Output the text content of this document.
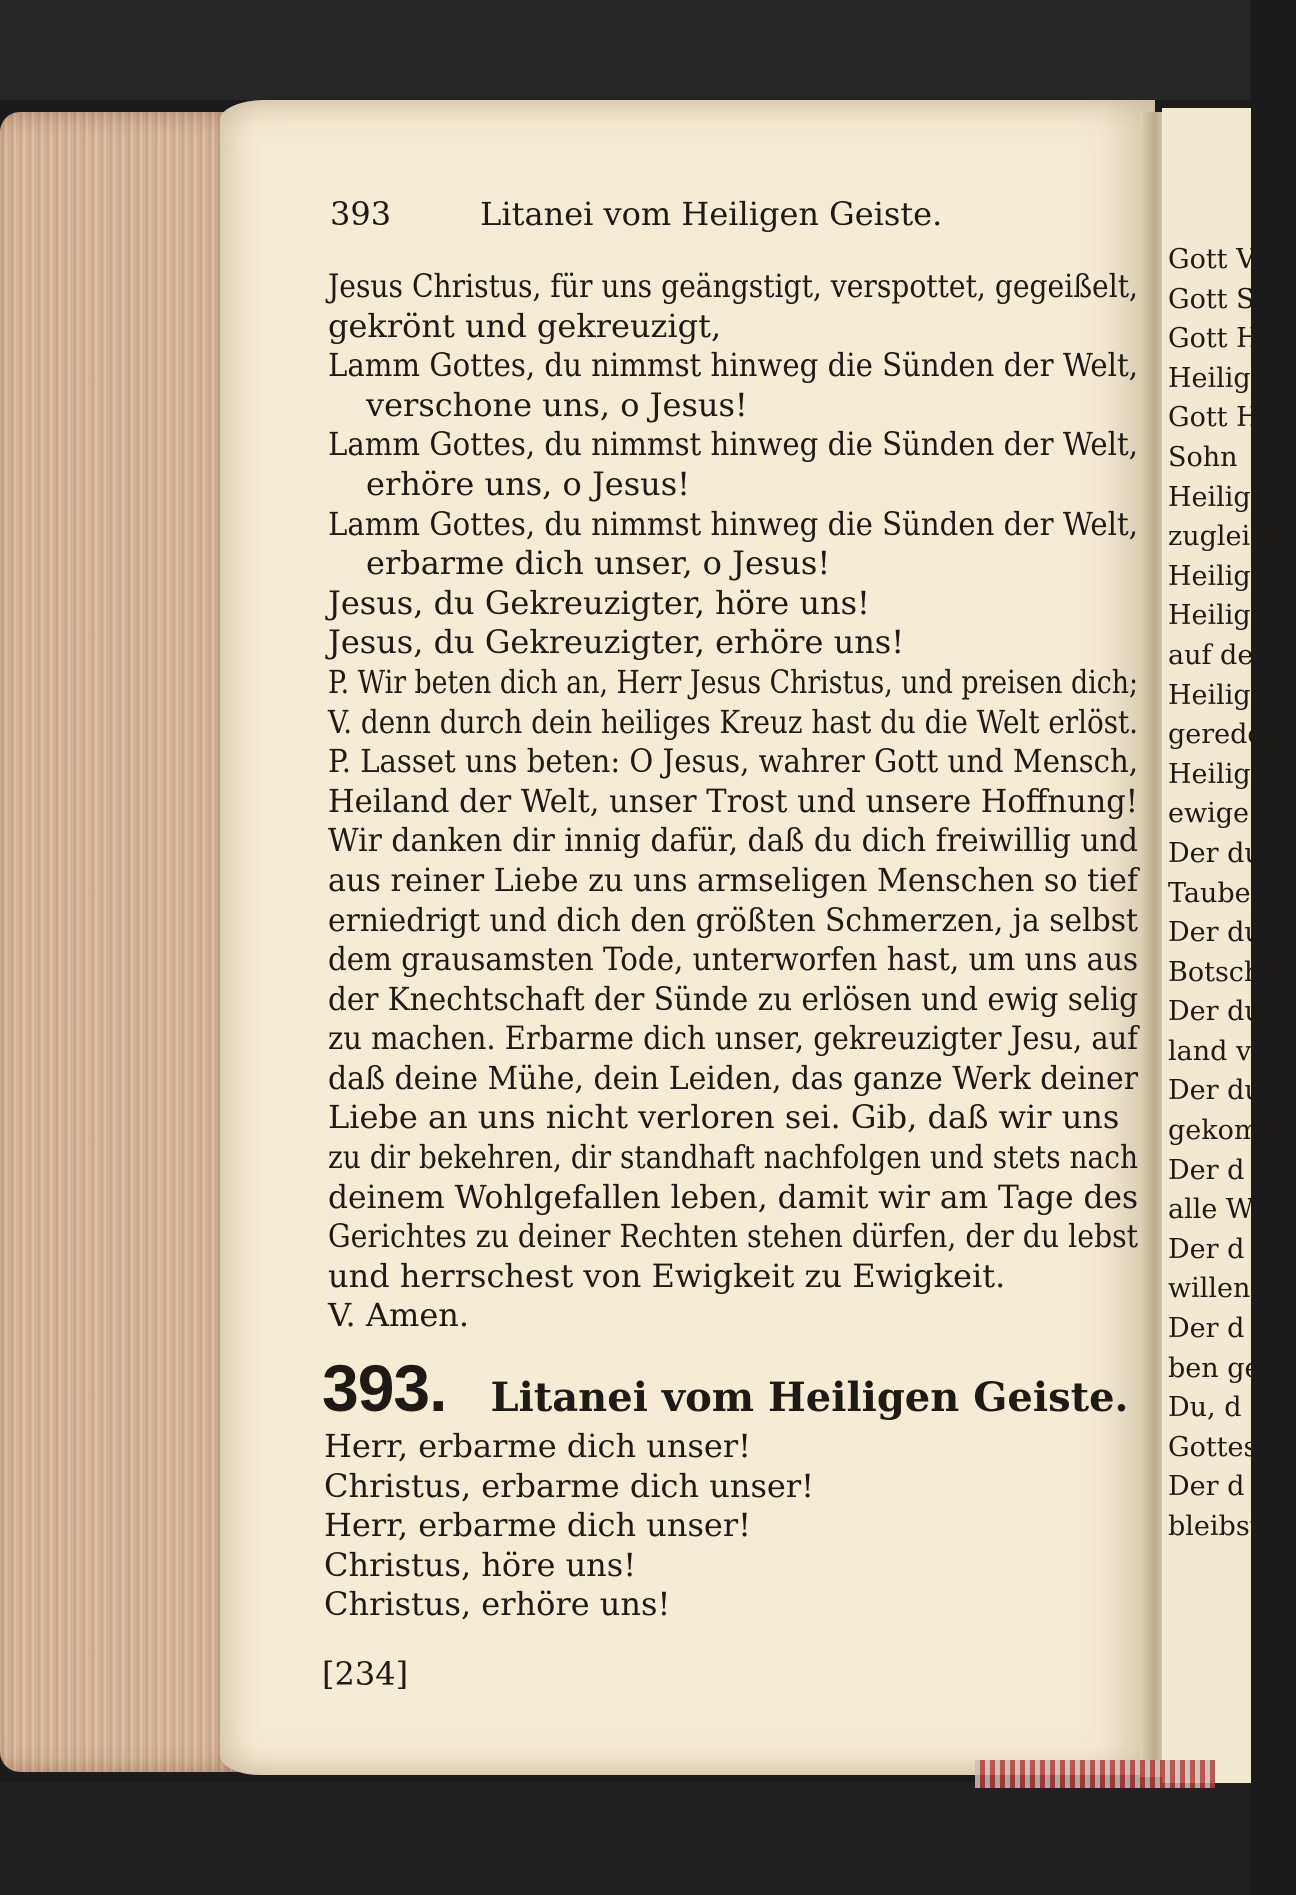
393	Litanei vom Heiligen Geiste.
Jesus Christus, für uns geängstigt, verspottet, gegeißelt,
gekrönt und gekreuzigt,
Lamm Gottes, du nimmst hinweg die Sünden der Welt,
verschone uns, o Jesus!
Lamm Gottes, du nimmst hinweg die Sünden der Welt,
erhöre uns, o Jesus!
Lamm Gottes, du nimmst hinweg die Sünden der Welt,
erbarme dich unser, o Jesus!
Jesus, du Gekreuzigter, höre uns!
Jesus, du Gekreuzigter, erhöre uns!
P. Wir beten dich an, Herr Jesus Christus, und preisen dich;
V. denn durch dein heiliges Kreuz hast du die Welt erlöst.
P. Lasset uns beten: O Jesus, wahrer Gott und Mensch,
Heiland der Welt, unser Trost und unsere Hoffnung!
Wir danken dir innig dafür, daß du dich freiwillig und
aus reiner Liebe zu uns armseligen Menschen so tief
erniedrigt und dich den größten Schmerzen, ja selbst
dem grausamsten Tode, unterworfen hast, um uns aus
der Knechtschaft der Sünde zu erlösen und ewig selig
zu machen. Erbarme dich unser, gekreuzigter Jesu, auf
daß deine Mühe, dein Leiden, das ganze Werk deiner
Liebe an uns nicht verloren sei. Gib, daß wir uns
zu dir bekehren, dir standhaft nachfolgen und stets nach
deinem Wohlgefallen leben, damit wir am Tage des
Gerichtes zu deiner Rechten stehen dürfen, der du lebst
und herrschest von Ewigkeit zu Ewigkeit.
V. Amen.
393. Litanei vom Heiligen Geiste.
Herr, erbarme dich unser!
Christus, erbarme dich unser!
Herr, erbarme dich unser!
Christus, höre uns!
Christus, erhöre uns!
[234]
Gott V
Gott S
Gott H
Heilige
Gott H
Sohn
Heilige
zugleich
Heilige
Heilige
auf der
Heilige
geredet
Heilige
ewige
Der du
Taube,
Der du
Botscha
Der du
land v
Der du
gekomm
Der d
alle W
Der d
willen
Der d
ben ge
Du, d
Gottes
Der d
bleibst
